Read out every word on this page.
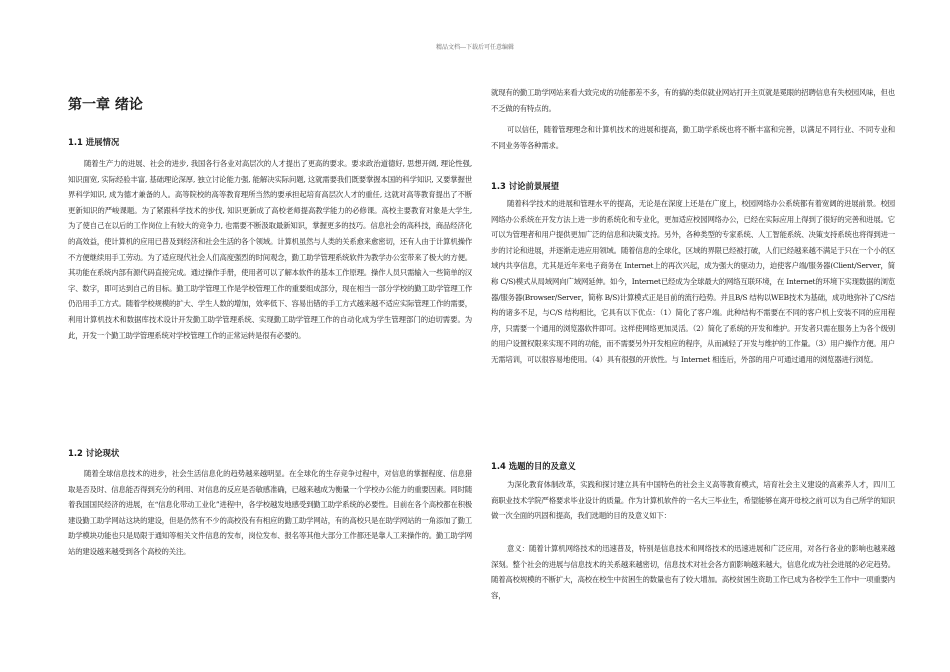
精品文档---下载后可任意编辑
第一章 绪论
1.1 进展情况

随着生产力的进展、社会的进步, 我国各行各业对高层次的人才提出了更高的要求。要求政治道德好, 思想开阔, 理论性强, 知识面宽, 实际经验丰富, 基础理论深厚, 独立讨论能力强, 能解决实际问题, 这就需要我们既要掌握本国的科学知识, 又要掌握世界科学知识, 成为德才兼备的人。高等院校的高等教育理所当然的要承担起培育高层次人才的重任, 这就对高等教育提出了不断更新知识的严峻课题。为了紧跟科学技术的步伐, 知识更新成了高校老师提高教学能力的必修课。高校主要教育对象是大学生, 为了使自己在以后的工作岗位上有较大的竞争力, 也需要不断汲取最新知识，掌握更多的技巧。信息社会的高科技，商品经济化的高效益，使计算机的应用已普及到经济和社会生活的各个领域。计算机虽然与人类的关系愈来愈密切，还有人由于计算机操作不方便继续用手工劳动。为了适应现代社会人们高度强烈的时间观念，勤工助学管理系统软件为教学办公室带来了极大的方便。其功能在系统内部有源代码直接完成。通过操作手册，使用者可以了解本软件的基本工作原理。操作人员只需输入一些简单的汉字、数字，即可达到自己的目标。勤工助学管理工作是学校管理工作的重要组成部分，现在相当一部分学校的勤工助学管理工作仍沿用手工方式。随着学校规模的扩大、学生人数的增加，效率低下、容易出错的手工方式越来越不适应实际管理工作的需要，利用计算机技术和数据库技术设计开发勤工助学管理系统、实现勤工助学管理工作的自动化成为学生管理部门的迫切需要。为此，开发一个勤工助学管理系统对学校管理工作的正常运转是很有必要的。

1.2 讨论现状

随着全球信息技术的进步，社会生活信息化的趋势越来越明显。在全球化的生存竞争过程中，对信息的掌握程度、信息猎取是否及时、信息能否得到充分的利用、对信息的反应是否敏感准确，已越来越成为衡量一个学校办公能力的重要因素。同时随着我国国民经济的进展，在“信息化带动工业化”进程中，各学校越发地感受到勤工助学系统的必要性。目前在各个高校都在积极建设勤工助学网站这块的建设，但是仍然有不少的高校没有有相应的勤工助学网站，有的高校只是在助学网站的一角添加了勤工助学模块功能也只是局限于通知等相关文件信息的发布，岗位发布、报名等其他大部分工作都还是靠人工来操作的。勤工助学网站的建设越来越受到各个高校的关注。

就现有的勤工助学网站来看大致完成的功能都差不多，有的搞的类似就业网站打开主页就是冕眼的招聘信息有失校园风味，但也不乏做的有特点的。

可以信任，随着管理理念和计算机技术的进展和提高，勤工助学系统也将不断丰富和完善，以满足不同行业、不同专业和不同业务等各种需求。

1.3 讨论前景展望

随着科学技术的进展和管理水平的提高，无论是在深度上还是在广度上，校园网络办公系统都有着宽阔的进展前景。校园网络办公系统在开发方法上进一步的系统化和专业化，更加适应校园网络办公，已经在实际应用上得到了很好的完善和进展。它可以为管理者和用户提供更加广泛的信息和决策支持。另外，各种类型的专家系统、人工智能系统、决策支持系统也将得到进一步的讨论和进展，并逐渐走进应用领域。随着信息的全球化，区域的界限已经被打破，人们已经越来越不满足于只在一个小的区域内共享信息，尤其是近年来电子商务在 Internet上的再次兴起，成为强大的驱动力，迫使客户端/服务器(Client/Server，简称 C/S)模式从局域网向广域网延伸。如今，Internet已经成为全球最大的网络互联环境，在 Internet的环境下实现数据的浏览器/服务器(Browser/Server，简称 B/S)计算模式正是目前的流行趋势。并且B/S 结构以WEB技术为基础，成功地弥补了C/S结构的诸多不足，与C/S 结构相比，它具有以下优点：（1）简化了客户端。此种结构不需要在不同的客户机上安装不同的应用程序，只需要一个通用的浏览器软件即可。这样使网络更加灵活。（2）简化了系统的开发和维护。开发者只需在服务上为各个级别的用户设置权限来实现不同的功能，而不需要另外开发相应的程序，从而减轻了开发与维护的工作量。（3）用户操作方便。用户无需培训，可以很容易地使用。（4）具有很强的开放性。与 Internet 相连后，外部的用户可通过通用的浏览器进行浏览。

1.4 选题的目的及意义

为深化教育体制改革，实践和探讨建立具有中国特色的社会主义高等教育模式，培育社会主义建设的高素养人才，四川工商职业技术学院严格要求毕业设计的质量。作为计算机软件的一名大三毕业生，希望能够在离开母校之前可以为自己所学的知识做一次全面的巩固和提高，我们选题的目的及意义如下：

意义：随着计算机网络技术的迅速普及，特别是信息技术和网络技术的迅速进展和广泛应用，对各行各业的影响也越来越深刻。整个社会的进展与信息技术的关系越来越密切，信息技术对社会各方面影响越来越大，信息化成为社会进展的必定趋势。随着高校规模的不断扩大，高校在校生中贫困生的数量也有了较大增加。高校贫困生资助工作已成为各校学生工作中一项重要内容，
